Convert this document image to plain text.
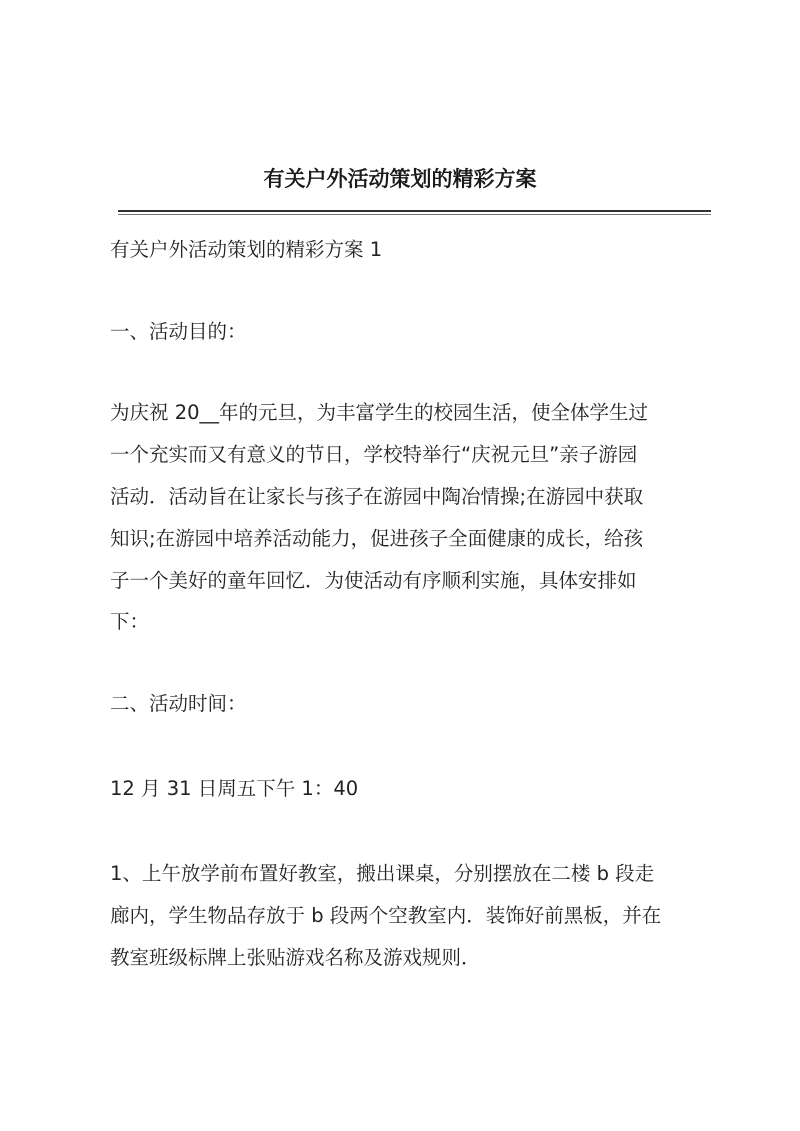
有关户外活动策划的精彩方案
有关户外活动策划的精彩方案 1
一、活动目的：
为庆祝 20__年的元旦，为丰富学生的校园生活，使全体学生过
一个充实而又有意义的节日，学校特举行“庆祝元旦”亲子游园
活动．活动旨在让家长与孩子在游园中陶冶情操;在游园中获取
知识;在游园中培养活动能力，促进孩子全面健康的成长，给孩
子一个美好的童年回忆．为使活动有序顺利实施，具体安排如
下：
二、活动时间：
12 月 31 日周五下午 1：40
1、上午放学前布置好教室，搬出课桌，分别摆放在二楼 b 段走
廊内，学生物品存放于 b 段两个空教室内．装饰好前黑板，并在
教室班级标牌上张贴游戏名称及游戏规则．
